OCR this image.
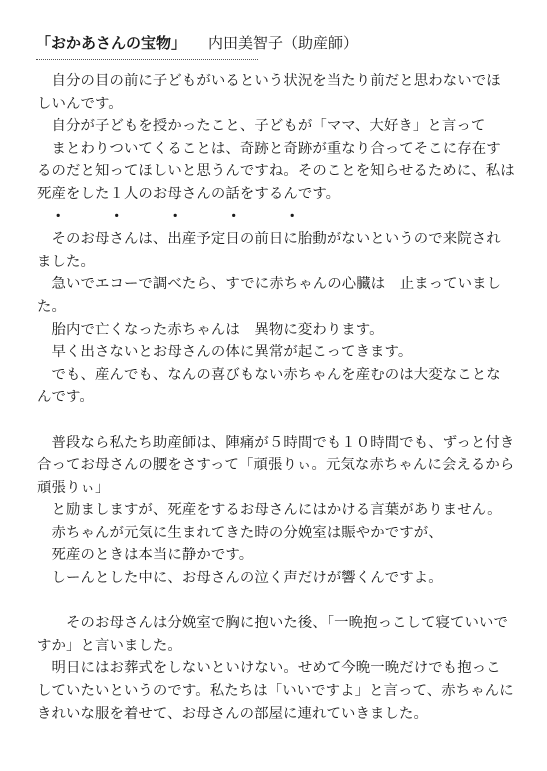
「おかあさんの宝物」 内田美智子（助産師）

　自分の目の前に子どもがいるという状況を当たり前だと思わないでほしいんです。

　自分が子どもを授かったこと、子どもが「ママ、大好き」と言って

　まとわりついてくることは、奇跡と奇跡が重なり合ってそこに存在するのだと知ってほしいと思うんですね。そのことを知らせるために、私は死産をした１人のお母さんの話をするんです。

・	・	・	・	・

　そのお母さんは、出産予定日の前日に胎動がないというので来院されました。

　急いでエコーで調べたら、すでに赤ちゃんの心臓は　止まっていました。

　胎内で亡くなった赤ちゃんは　異物に変わります。

　早く出さないとお母さんの体に異常が起こってきます。

　でも、産んでも、なんの喜びもない赤ちゃんを産むのは大変なことなんです。

　普段なら私たち助産師は、陣痛が５時間でも１０時間でも、ずっと付き合ってお母さんの腰をさすって「頑張りぃ。元気な赤ちゃんに会えるから頑張りぃ」

　と励ましますが、死産をするお母さんにはかける言葉がありません。

　赤ちゃんが元気に生まれてきた時の分娩室は賑やかですが、

　死産のときは本当に静かです。

　しーんとした中に、お母さんの泣く声だけが響くんですよ。

　　そのお母さんは分娩室で胸に抱いた後、「一晩抱っこして寝ていいですか」と言いました。

　明日にはお葬式をしないといけない。せめて今晩一晩だけでも抱っこしていたいというのです。私たちは「いいですよ」と言って、赤ちゃんにきれいな服を着せて、お母さんの部屋に連れていきました。
